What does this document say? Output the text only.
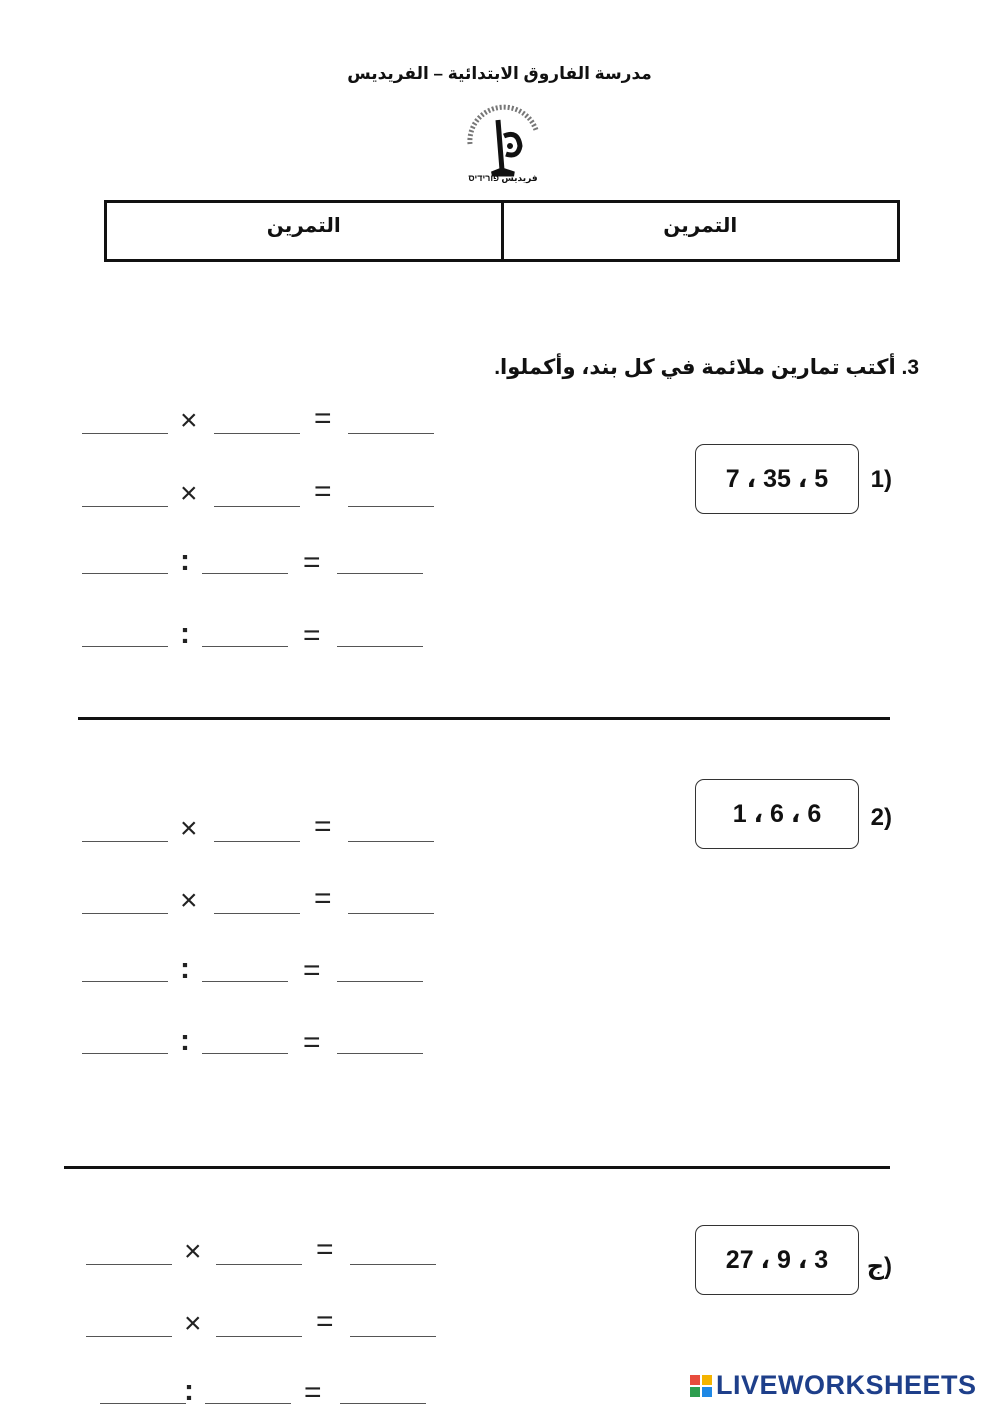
مدرسة الفاروق الابتدائية – الفريديس
فريديس פורידיס
التمرين	التمرين
3. أكتب تمارين ملائمة في كل بند، وأكملوا.
1)
5 ، 35 ، 7
×	=
×	=
:	=
:	=
2)
6 ، 6 ، 1
×	=
×	=
:	=
:	=
ج)
3 ، 9 ، 27
×	=
×	=
:	=	LIVEWORKSHEETS
